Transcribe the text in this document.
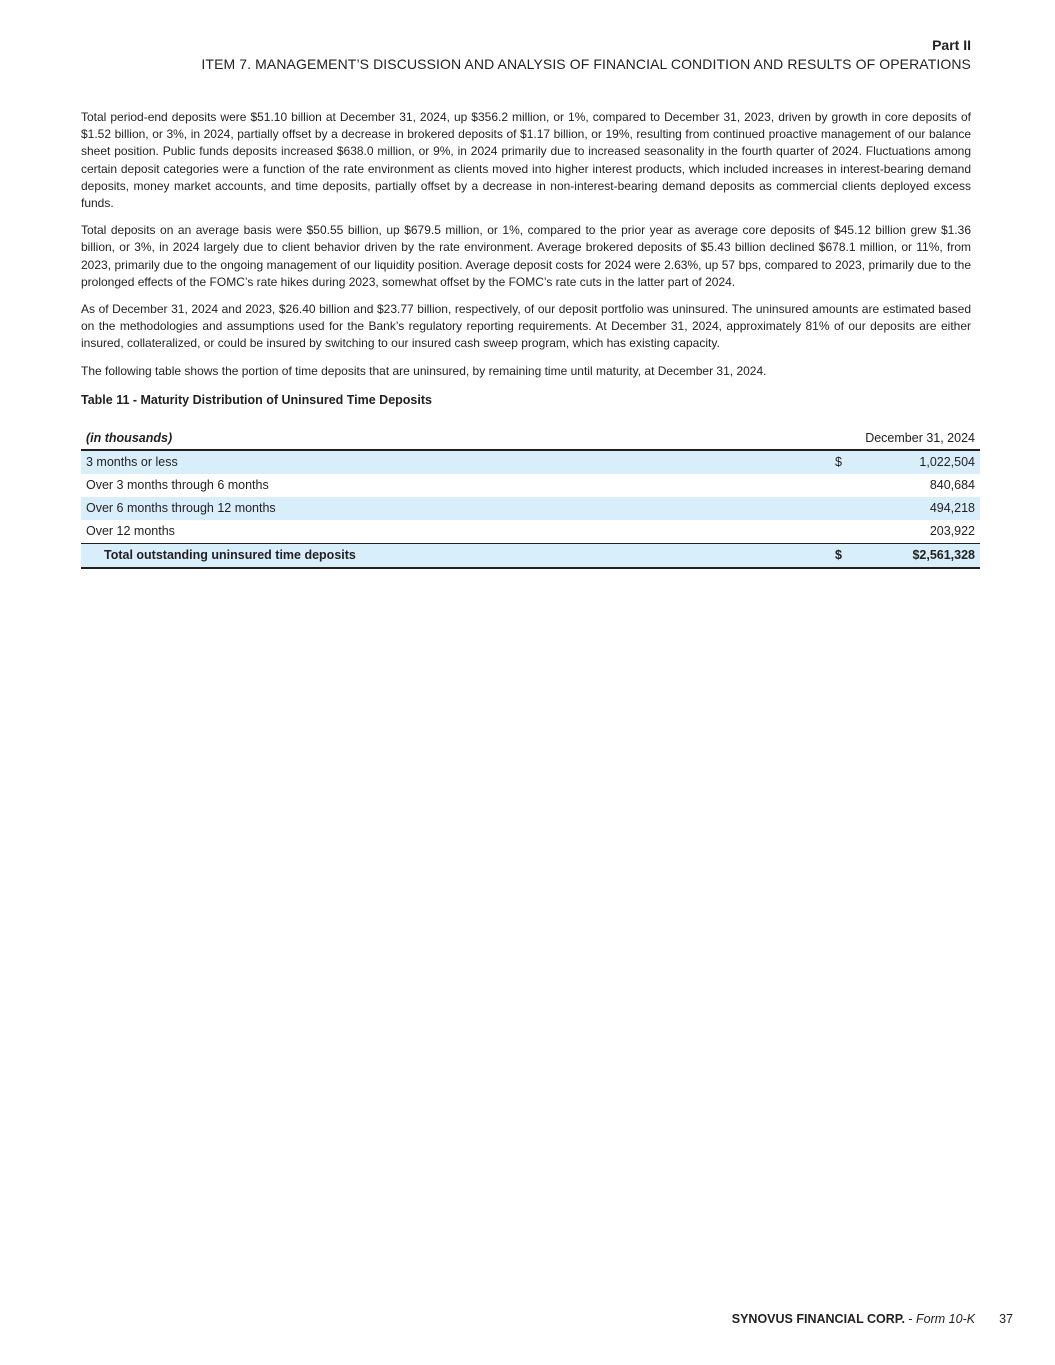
Part II
ITEM 7. MANAGEMENT’S DISCUSSION AND ANALYSIS OF FINANCIAL CONDITION AND RESULTS OF OPERATIONS

Total period-end deposits were $51.10 billion at December 31, 2024, up $356.2 million, or 1%, compared to December 31, 2023, driven by growth in core deposits of $1.52 billion, or 3%, in 2024, partially offset by a decrease in brokered deposits of $1.17 billion, or 19%, resulting from continued proactive management of our balance sheet position. Public funds deposits increased $638.0 million, or 9%, in 2024 primarily due to increased seasonality in the fourth quarter of 2024. Fluctuations among certain deposit categories were a function of the rate environment as clients moved into higher interest products, which included increases in interest-bearing demand deposits, money market accounts, and time deposits, partially offset by a decrease in non-interest-bearing demand deposits as commercial clients deployed excess funds.

Total deposits on an average basis were $50.55 billion, up $679.5 million, or 1%, compared to the prior year as average core deposits of $45.12 billion grew $1.36 billion, or 3%, in 2024 largely due to client behavior driven by the rate environment. Average brokered deposits of $5.43 billion declined $678.1 million, or 11%, from 2023, primarily due to the ongoing management of our liquidity position. Average deposit costs for 2024 were 2.63%, up 57 bps, compared to 2023, primarily due to the prolonged effects of the FOMC’s rate hikes during 2023, somewhat offset by the FOMC’s rate cuts in the latter part of 2024.

As of December 31, 2024 and 2023, $26.40 billion and $23.77 billion, respectively, of our deposit portfolio was uninsured. The uninsured amounts are estimated based on the methodologies and assumptions used for the Bank’s regulatory reporting requirements. At December 31, 2024, approximately 81% of our deposits are either insured, collateralized, or could be insured by switching to our insured cash sweep program, which has existing capacity.

The following table shows the portion of time deposits that are uninsured, by remaining time until maturity, at December 31, 2024.

Table 11 - Maturity Distribution of Uninsured Time Deposits
(in thousands)	December 31, 2024	
3 months or less	$	1,022,504
Over 3 months through 6 months		840,684
Over 6 months through 12 months		494,218
Over 12 months		203,922
Total outstanding uninsured time deposits	$	$2,561,328
SYNOVUS FINANCIAL CORP. - Form 10-K 37
